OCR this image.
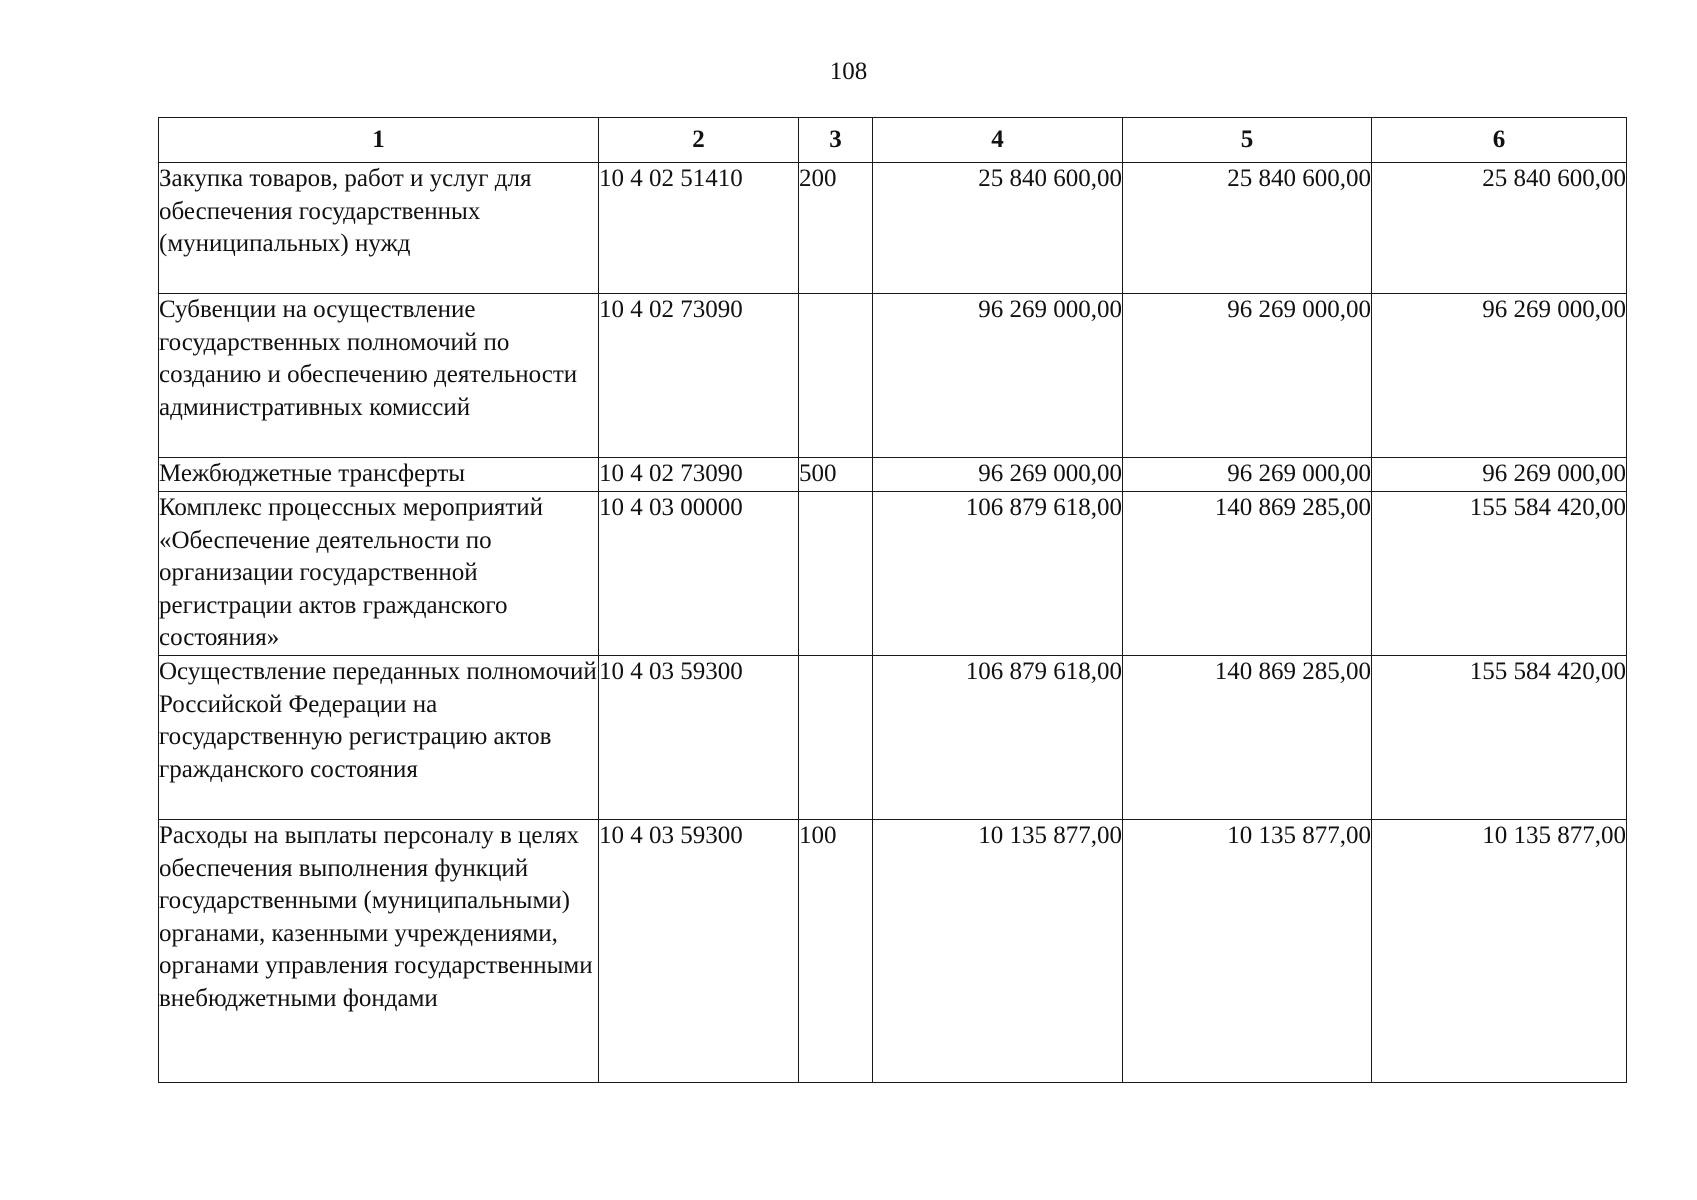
108
1	2	3	4	5	6
Закупка товаров, работ и услуг для обеспечения государственных (муниципальных) нужд	10 4 02 51410	200	25 840 600,00	25 840 600,00	25 840 600,00
Субвенции на осуществление государственных полномочий по созданию и обеспечению деятельности административных комиссий	10 4 02 73090		96 269 000,00	96 269 000,00	96 269 000,00
Межбюджетные трансферты	10 4 02 73090	500	96 269 000,00	96 269 000,00	96 269 000,00
Комплекс процессных мероприятий «Обеспечение деятельности по организации государственной регистрации актов гражданского состояния»	10 4 03 00000		106 879 618,00	140 869 285,00	155 584 420,00
Осуществление переданных полномочий Российской Федерации на государственную регистрацию актов гражданского состояния	10 4 03 59300		106 879 618,00	140 869 285,00	155 584 420,00
Расходы на выплаты персоналу в целях обеспечения выполнения функций государственными (муниципальными) органами, казенными учреждениями, органами управления государственными внебюджетными фондами	10 4 03 59300	100	10 135 877,00	10 135 877,00	10 135 877,00
